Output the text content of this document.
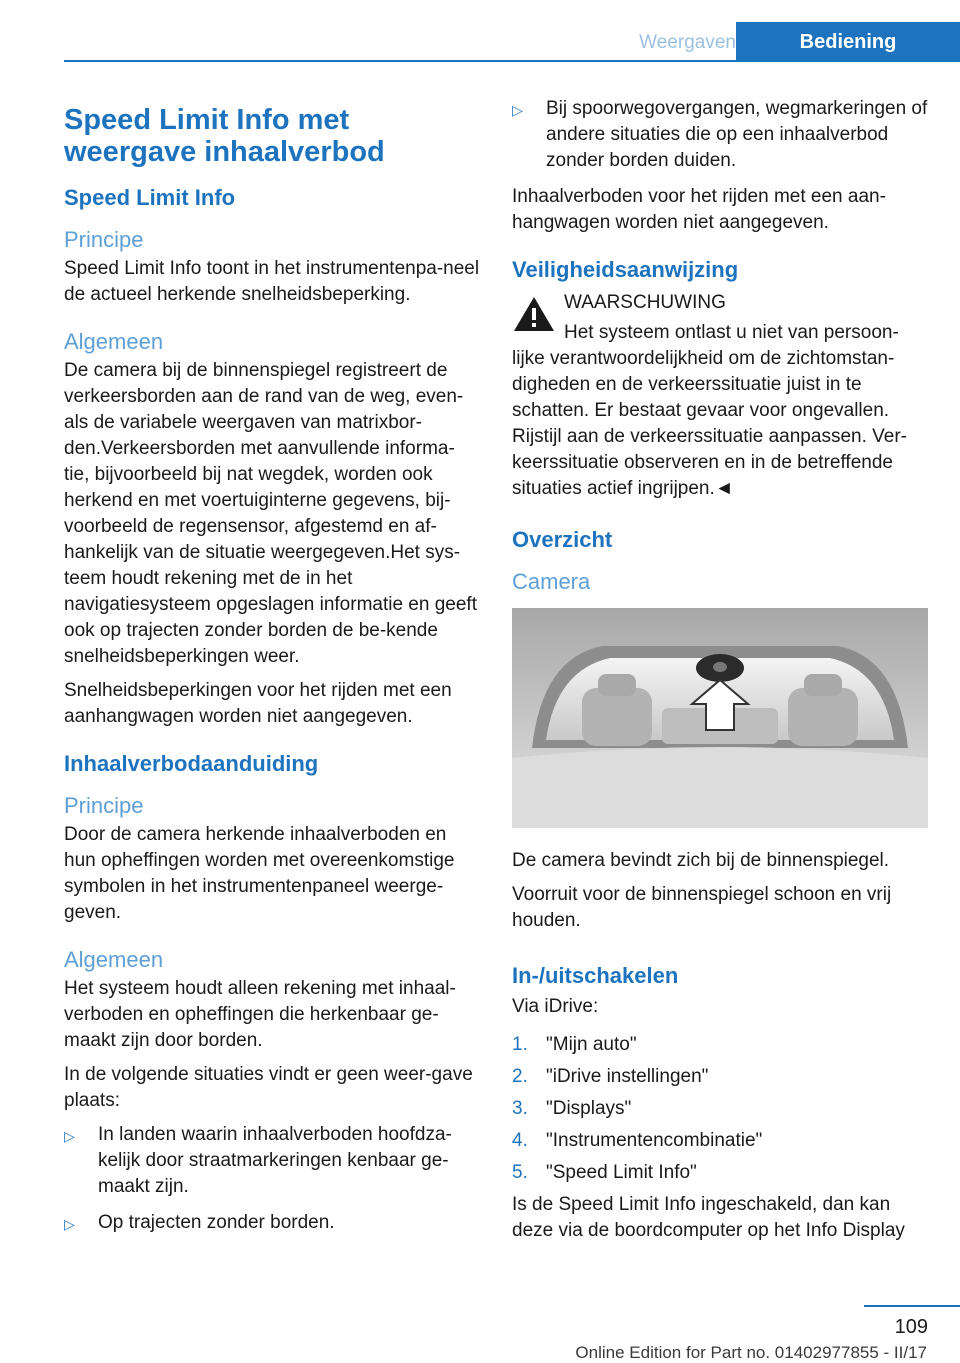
Weergaven	Bediening
Speed Limit Info met weergave inhaalverbod
Speed Limit Info
Principe

Speed Limit Info toont in het instrumentenpa-neel de actueel herkende snelheidsbeperking.

Algemeen

De camera bij de binnenspiegel registreert de verkeersborden aan de rand van de weg, even-als de variabele weergaven van matrixbor-den.Verkeersborden met aanvullende informa-tie, bijvoorbeeld bij nat wegdek, worden ook herkend en met voertuiginterne gegevens, bij-voorbeeld de regensensor, afgestemd en af-hankelijk van de situatie weergegeven.Het sys-teem houdt rekening met de in het navigatiesysteem opgeslagen informatie en geeft ook op trajecten zonder borden de be-kende snelheidsbeperkingen weer.

Snelheidsbeperkingen voor het rijden met een aanhangwagen worden niet aangegeven.

Inhaalverbodaanduiding
Principe

Door de camera herkende inhaalverboden en hun opheffingen worden met overeenkomstige symbolen in het instrumentenpaneel weerge-geven.

Algemeen

Het systeem houdt alleen rekening met inhaal-verboden en opheffingen die herkenbaar ge-maakt zijn door borden.

In de volgende situaties vindt er geen weer-gave plaats:

▷	In landen waarin inhaalverboden hoofdza-kelijk door straatmarkeringen kenbaar ge-maakt zijn.
▷	Op trajecten zonder borden.
▷	Bij spoorwegovergangen, wegmarkeringen of andere situaties die op een inhaalverbod zonder borden duiden.

Inhaalverboden voor het rijden met een aan-hangwagen worden niet aangegeven.

Veiligheidsaanwijzing
WAARSCHUWING

Het systeem ontlast u niet van persoon-

lijke verantwoordelijkheid om de zichtomstan-digheden en de verkeerssituatie juist in te schatten. Er bestaat gevaar voor ongevallen. Rijstijl aan de verkeerssituatie aanpassen. Ver-keerssituatie observeren en in de betreffende situaties actief ingrijpen.◄

Overzicht
Camera

De camera bevindt zich bij de binnenspiegel.

Voorruit voor de binnenspiegel schoon en vrij houden.

In-/uitschakelen

Via iDrive:

1. "Mijn auto"
2. "iDrive instellingen"
3. "Displays"
4. "Instrumentencombinatie"
5. "Speed Limit Info"

Is de Speed Limit Info ingeschakeld, dan kan deze via de boordcomputer op het Info Display

109
Online Edition for Part no. 01402977855 - II/17
